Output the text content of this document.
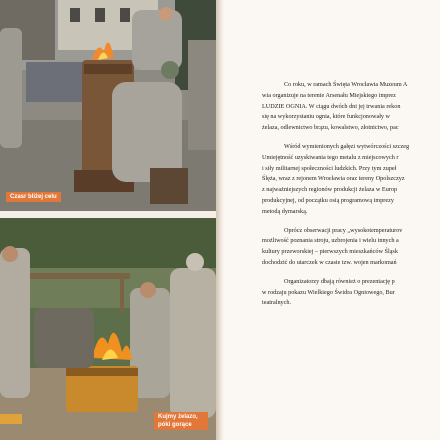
Czasr bliżej celu
Kujmy żelazo, póki gorące

Co roku, w ramach Święta Wrocławia Muzeum A
wia organizuje na terenie Arsenału Miejskiego imprez
LUDZIE OGNIA. W ciągu dwóch dni jej trwania rekon
się na wykorzystaniu ognia, które funkcjonowały w
żelaza, odlewnictwo brązu, kowalstwo, złotnictwo, pac

Wśród wymienionych gałęzi wytwórczości szczeg
Umiejętność uzyskiwania tego metalu z miejscowych r
i siły militarnej społeczności ludzkich. Przy tym zupeł
Ślęża, wraz z rejonem Wrocławia oraz tereny Opolszczyz
z najważniejszych regionów produkcji żelaza w Europ
produkcyjnej, od początku osią programową imprezy
metodą dymarską.

Oprócz obserwacji pracy „wysokotemperaturov
możliwość poznania stroju, uzbrojenia i wielu innych a
kultury przeworskiej – pierwszych mieszkańców Śląsk
dochodzić do utarczek w czasie tzw. wojen markomań

Organizatorzy dbają również o prezentację p
w rodzaju pokazu Wielkiego Świdra Ogniowego, Bur
teatralnych.
